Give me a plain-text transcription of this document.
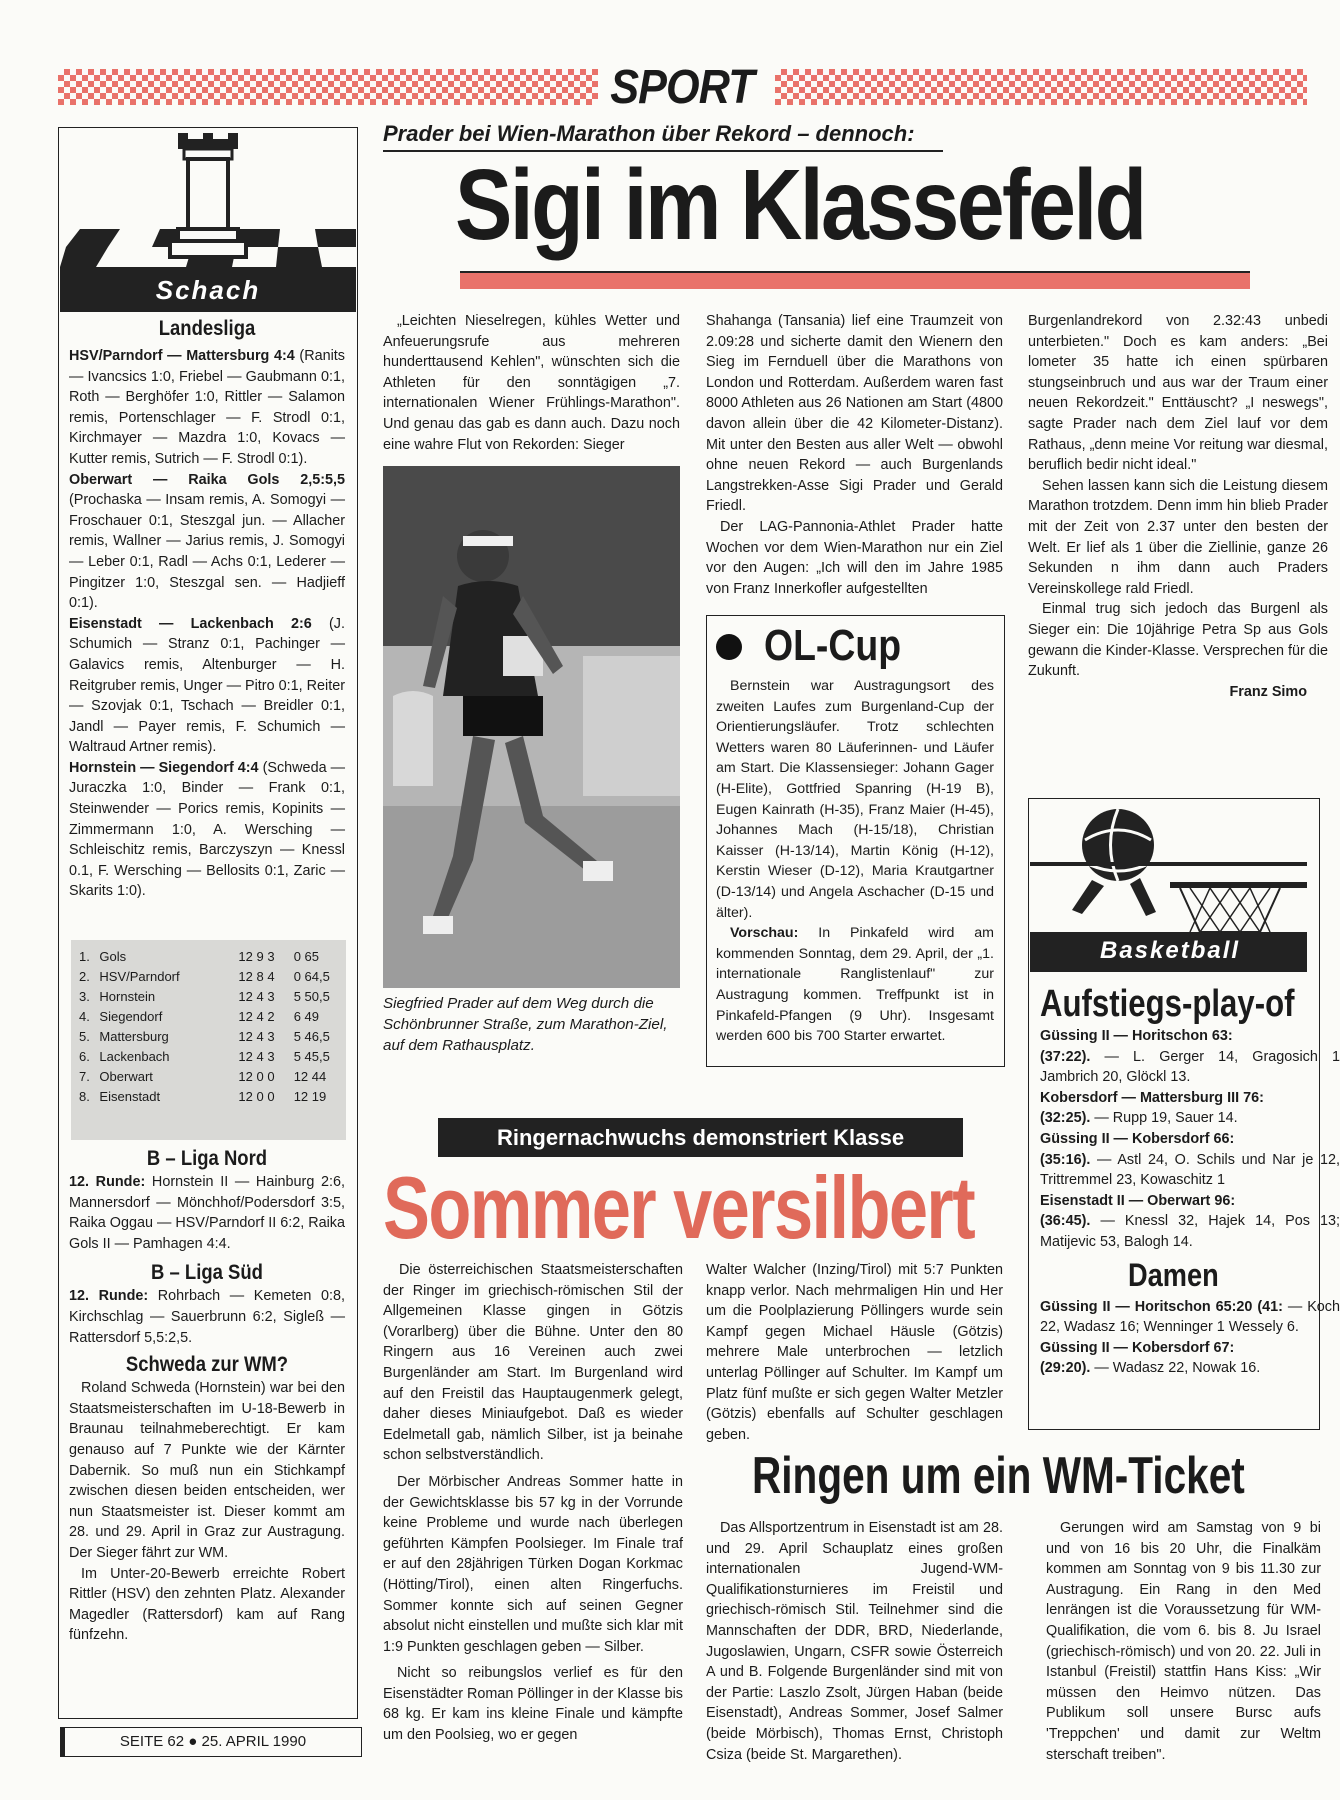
SPORT
Schach
Landesliga
HSV/Parndorf — Mattersburg 4:4 (Ranits — Ivancsics 1:0, Friebel — Gaubmann 0:1, Roth — Berghöfer 1:0, Rittler — Salamon remis, Portenschlager — F. Strodl 0:1, Kirchmayer — Mazdra 1:0, Kovacs — Kutter remis, Sutrich — F. Strodl 0:1).
Oberwart — Raika Gols 2,5:5,5 (Prochaska — Insam remis, A. Somogyi — Froschauer 0:1, Steszgal jun. — Allacher remis, Wallner — Jarius remis, J. Somogyi — Leber 0:1, Radl — Achs 0:1, Lederer — Pingitzer 1:0, Steszgal sen. — Hadjieff 0:1).
Eisenstadt — Lackenbach 2:6 (J. Schumich — Stranz 0:1, Pachinger — Galavics remis, Altenburger — H. Reitgruber remis, Unger — Pitro 0:1, Reiter — Szovjak 0:1, Tschach — Breidler 0:1, Jandl — Payer remis, F. Schumich — Waltraud Artner remis).
Hornstein — Siegendorf 4:4 (Schweda — Juraczka 1:0, Binder — Frank 0:1, Steinwender — Porics remis, Kopinits — Zimmermann 1:0, A. Wersching — Schleischitz remis, Barczyszyn — Knessl 0.1, F. Wersching — Bellosits 0:1, Zaric — Skarits 1:0).
1.	Gols	12 9 3	0 65
2.	HSV/Parndorf	12 8 4	0 64,5
3.	Hornstein	12 4 3	5 50,5
4.	Siegendorf	12 4 2	6 49
5.	Mattersburg	12 4 3	5 46,5
6.	Lackenbach	12 4 3	5 45,5
7.	Oberwart	12 0 0	12 44
8.	Eisenstadt	12 0 0	12 19
B – Liga Nord
12. Runde: Hornstein II — Hainburg 2:6, Mannersdorf — Mönchhof/Podersdorf 3:5, Raika Oggau — HSV/Parndorf II 6:2, Raika Gols II — Pamhagen 4:4.
B – Liga Süd
12. Runde: Rohrbach — Kemeten 0:8, Kirchschlag — Sauerbrunn 6:2, Sigleß — Rattersdorf 5,5:2,5.
Schweda zur WM?
Roland Schweda (Hornstein) war bei den Staatsmeisterschaften im U-18-Bewerb in Braunau teilnahmeberechtigt. Er kam genauso auf 7 Punkte wie der Kärnter Dabernik. So muß nun ein Stichkampf zwischen diesen beiden entscheiden, wer nun Staatsmeister ist. Dieser kommt am 28. und 29. April in Graz zur Austragung. Der Sieger fährt zur WM.
Im Unter-20-Bewerb erreichte Robert Rittler (HSV) den zehnten Platz. Alexander Magedler (Rattersdorf) kam auf Rang fünfzehn.
SEITE 62 ● 25. APRIL 1990
Prader bei Wien-Marathon über Rekord – dennoch:
Sigi im Klassefeld
„Leichten Nieselregen, kühles Wetter und Anfeuerungsrufe aus mehreren hunderttausend Kehlen", wünschten sich die Athleten für den sonntägigen „7. internationalen Wiener Frühlings-Marathon". Und genau das gab es dann auch. Dazu noch eine wahre Flut von Rekorden: Sieger
Siegfried Prader auf dem Weg durch die Schönbrunner Straße, zum Marathon-Ziel, auf dem Rathausplatz.
Shahanga (Tansania) lief eine Traumzeit von 2.09:28 und sicherte damit den Wienern den Sieg im Fernduell über die Marathons von London und Rotterdam. Außerdem waren fast 8000 Athleten aus 26 Nationen am Start (4800 davon allein über die 42 Kilometer-Distanz). Mit unter den Besten aus aller Welt — obwohl ohne neuen Rekord — auch Burgenlands Langstrekken-Asse Sigi Prader und Gerald Friedl.
Der LAG-Pannonia-Athlet Prader hatte Wochen vor dem Wien-Marathon nur ein Ziel vor den Augen: „Ich will den im Jahre 1985 von Franz Innerkofler aufgestellten
OL-Cup
Bernstein war Austragungsort des zweiten Laufes zum Burgenland-Cup der Orientierungsläufer. Trotz schlechten Wetters waren 80 Läuferinnen- und Läufer am Start. Die Klassensieger: Johann Gager (H-Elite), Gottfried Spanring (H-19 B), Eugen Kainrath (H-35), Franz Maier (H-45), Johannes Mach (H-15/18), Christian Kaisser (H-13/14), Martin König (H-12), Kerstin Wieser (D-12), Maria Krautgartner (D-13/14) und Angela Aschacher (D-15 und älter).
Vorschau: In Pinkafeld wird am kommenden Sonntag, dem 29. April, der „1. internationale Ranglistenlauf" zur Austragung kommen. Treffpunkt ist in Pinkafeld-Pfangen (9 Uhr). Insgesamt werden 600 bis 700 Starter erwartet.
Burgenlandrekord von 2.32:43 unbedi unterbieten." Doch es kam anders: „Bei lometer 35 hatte ich einen spürbaren stungseinbruch und aus war der Traum einer neuen Rekordzeit." Enttäuscht? „I neswegs", sagte Prader nach dem Ziel lauf vor dem Rathaus, „denn meine Vor reitung war diesmal, beruflich bedir nicht ideal."
Sehen lassen kann sich die Leistung diesem Marathon trotzdem. Denn imm hin blieb Prader mit der Zeit von 2.37 unter den besten der Welt. Er lief als 1 über die Ziellinie, ganze 26 Sekunden n ihm dann auch Praders Vereinskollege rald Friedl.
Einmal trug sich jedoch das Burgenl als Sieger ein: Die 10jährige Petra Sp aus Gols gewann die Kinder-Klasse. Versprechen für die Zukunft.
Franz Simo
Basketball
Aufstiegs-play-of
Güssing II — Horitschon 63:
(37:22). — L. Gerger 14, Gragosich 1 Jambrich 20, Glöckl 13.
Kobersdorf — Mattersburg III 76:
(32:25). — Rupp 19, Sauer 14.
Güssing II — Kobersdorf 66:
(35:16). — Astl 24, O. Schils und Nar je 12, Trittremmel 23, Kowaschitz 1
Eisenstadt II — Oberwart 96:
(36:45). — Knessl 32, Hajek 14, Pos 13; Matijevic 53, Balogh 14.
Damen
Güssing II — Horitschon 65:20 (41: — Koch 22, Wadasz 16; Wenninger 1 Wessely 6.
Güssing II — Kobersdorf 67:
(29:20). — Wadasz 22, Nowak 16.
Ringernachwuchs demonstriert Klasse
Sommer versilbert
Die österreichischen Staatsmeisterschaften der Ringer im griechisch-römischen Stil der Allgemeinen Klasse gingen in Götzis (Vorarlberg) über die Bühne. Unter den 80 Ringern aus 16 Vereinen auch zwei Burgenländer am Start. Im Burgenland wird auf den Freistil das Hauptaugenmerk gelegt, daher dieses Miniaufgebot. Daß es wieder Edelmetall gab, nämlich Silber, ist ja beinahe schon selbstverständlich.
Der Mörbischer Andreas Sommer hatte in der Gewichtsklasse bis 57 kg in der Vorrunde keine Probleme und wurde nach überlegen geführten Kämpfen Poolsieger. Im Finale traf er auf den 28jährigen Türken Dogan Korkmac (Hötting/Tirol), einen alten Ringerfuchs. Sommer konnte sich auf seinen Gegner absolut nicht einstellen und mußte sich klar mit 1:9 Punkten geschlagen geben — Silber.
Nicht so reibungslos verlief es für den Eisenstädter Roman Pöllinger in der Klasse bis 68 kg. Er kam ins kleine Finale und kämpfte um den Poolsieg, wo er gegen
Walter Walcher (Inzing/Tirol) mit 5:7 Punkten knapp verlor. Nach mehrmaligen Hin und Her um die Poolplazierung Pöllingers wurde sein Kampf gegen Michael Häusle (Götzis) mehrere Male unterbrochen — letzlich unterlag Pöllinger auf Schulter. Im Kampf um Platz fünf mußte er sich gegen Walter Metzler (Götzis) ebenfalls auf Schulter geschlagen geben.
Ringen um ein WM-Ticket
Das Allsportzentrum in Eisenstadt ist am 28. und 29. April Schauplatz eines großen internationalen Jugend-WM-Qualifikationsturnieres im Freistil und griechisch-römisch Stil. Teilnehmer sind die Mannschaften der DDR, BRD, Niederlande, Jugoslawien, Ungarn, CSFR sowie Österreich A und B. Folgende Burgenländer sind mit von der Partie: Laszlo Zsolt, Jürgen Haban (beide Eisenstadt), Andreas Sommer, Josef Salmer (beide Mörbisch), Thomas Ernst, Christoph Csiza (beide St. Margarethen).
Gerungen wird am Samstag von 9 bi und von 16 bis 20 Uhr, die Finalkäm kommen am Sonntag von 9 bis 11.30 zur Austragung. Ein Rang in den Med lenrängen ist die Voraussetzung für WM-Qualifikation, die vom 6. bis 8. Ju Israel (griechisch-römisch) und von 20. 22. Juli in Istanbul (Freistil) stattfin Hans Kiss: „Wir müssen den Heimvo nützen. Das Publikum soll unsere Bursc aufs 'Treppchen' und damit zur Weltm sterschaft treiben".
